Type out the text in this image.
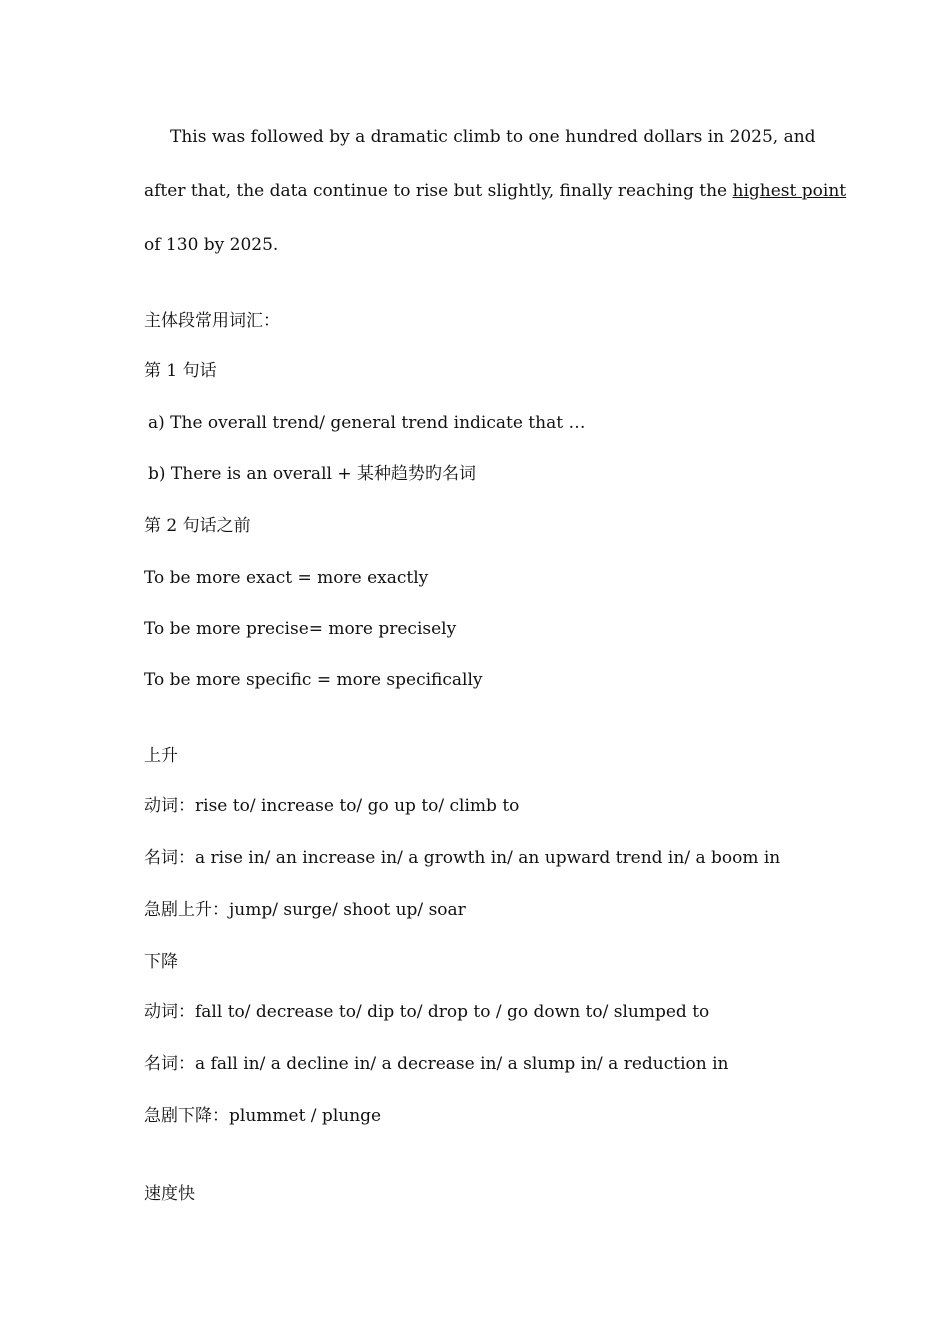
This was followed by a dramatic climb to one hundred dollars in 2025, and
after that, the data continue to rise but slightly, finally reaching the highest point
of 130 by 2025.
主体段常用词汇：
第 1 句话
a) The overall trend/ general trend indicate that …
b) There is an overall + 某种趋势旳名词
第 2 句话之前
To be more exact = more exactly
To be more precise= more precisely
To be more specific = more specifically
上升
动词：rise to/ increase to/ go up to/ climb to
名词：a rise in/ an increase in/ a growth in/ an upward trend in/ a boom in
急剧上升：jump/ surge/ shoot up/ soar
下降
动词：fall to/ decrease to/ dip to/ drop to / go down to/ slumped to
名词：a fall in/ a decline in/ a decrease in/ a slump in/ a reduction in
急剧下降：plummet / plunge
速度快
